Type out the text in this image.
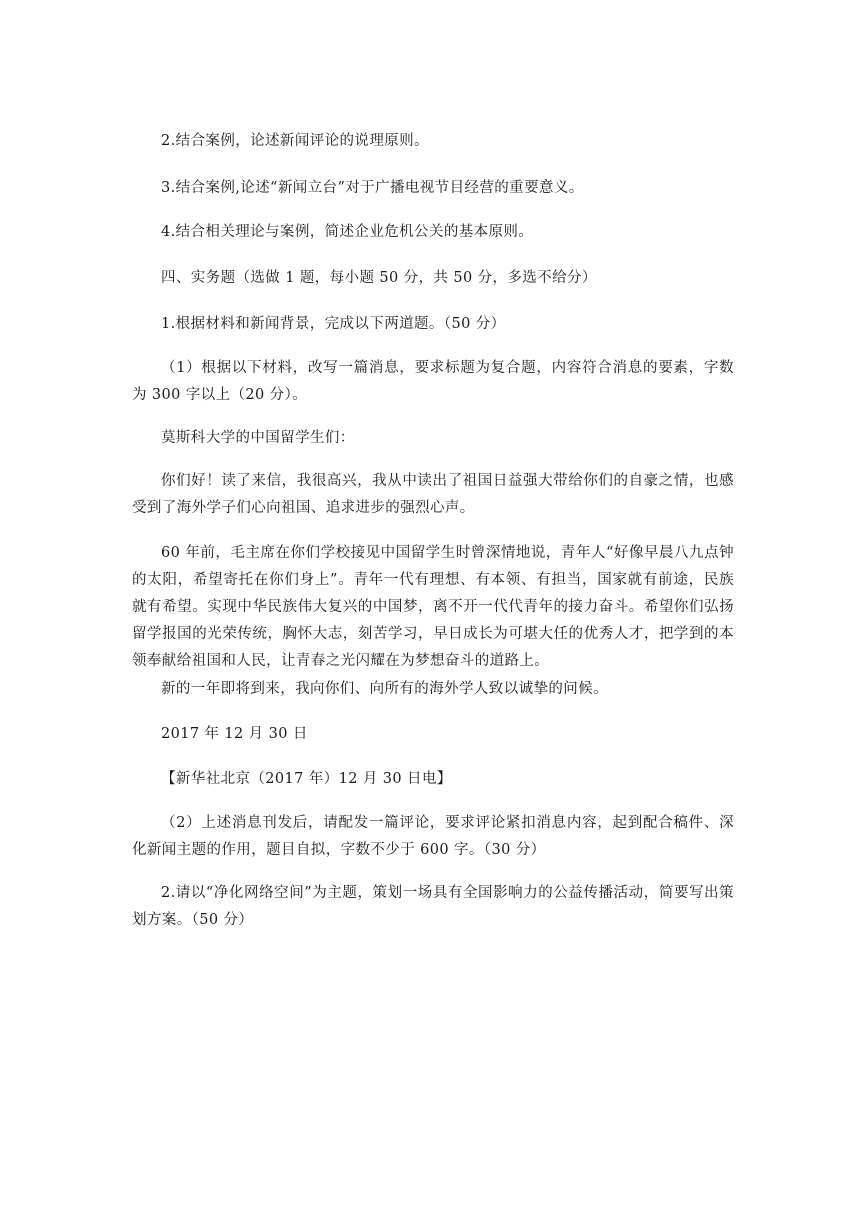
2.结合案例，论述新闻评论的说理原则。

3.结合案例,论述“新闻立台”对于广播电视节目经营的重要意义。

4.结合相关理论与案例，简述企业危机公关的基本原则。

四、实务题（选做 1 题，每小题 50 分，共 50 分，多选不给分）

1.根据材料和新闻背景，完成以下两道题。（50 分）

（1）根据以下材料，改写一篇消息，要求标题为复合题，内容符合消息的要素，字数为 300 字以上（20 分）。

莫斯科大学的中国留学生们：

你们好！读了来信，我很高兴，我从中读出了祖国日益强大带给你们的自豪之情，也感受到了海外学子们心向祖国、追求进步的强烈心声。

60 年前，毛主席在你们学校接见中国留学生时曾深情地说，青年人“好像早晨八九点钟的太阳，希望寄托在你们身上”。青年一代有理想、有本领、有担当，国家就有前途，民族就有希望。实现中华民族伟大复兴的中国梦，离不开一代代青年的接力奋斗。希望你们弘扬留学报国的光荣传统，胸怀大志，刻苦学习，早日成长为可堪大任的优秀人才，把学到的本领奉献给祖国和人民，让青春之光闪耀在为梦想奋斗的道路上。

新的一年即将到来，我向你们、向所有的海外学人致以诚挚的问候。

2017 年 12 月 30 日

【新华社北京（2017 年）12 月 30 日电】

（2）上述消息刊发后，请配发一篇评论，要求评论紧扣消息内容，起到配合稿件、深化新闻主题的作用，题目自拟，字数不少于 600 字。（30 分）

2.请以“净化网络空间”为主题，策划一场具有全国影响力的公益传播活动，简要写出策划方案。（50 分）
